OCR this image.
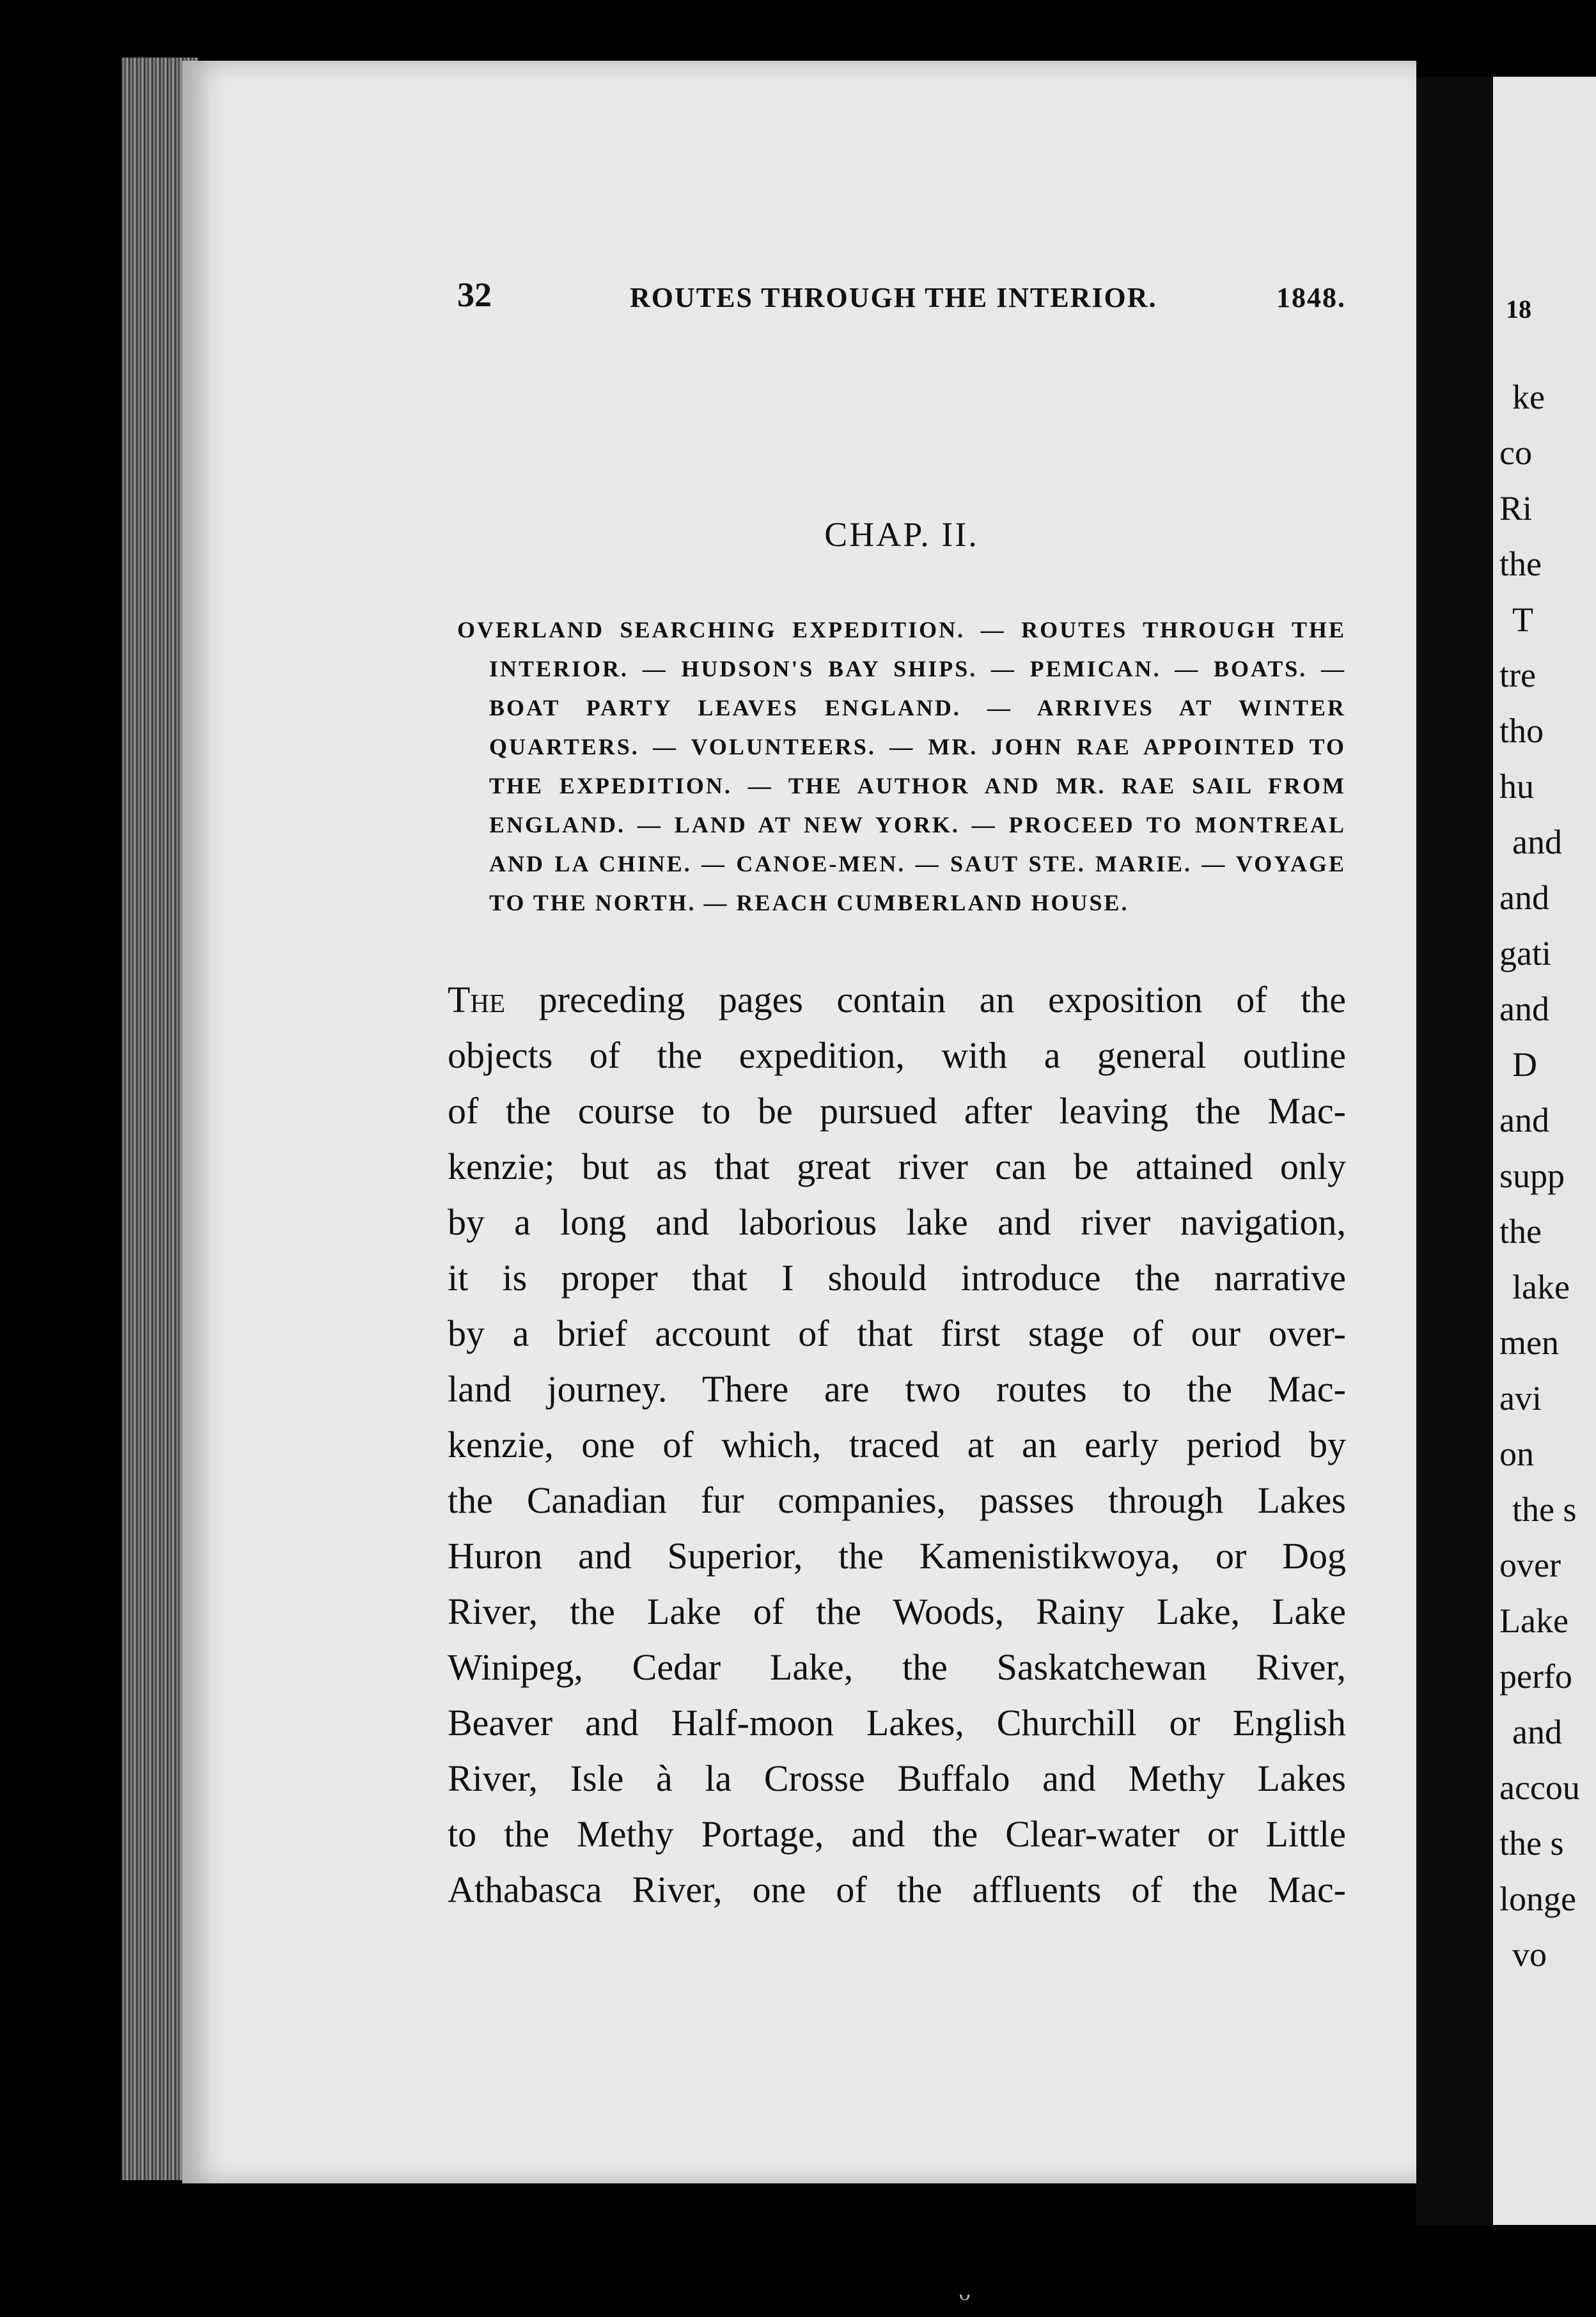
18
ke
co
Ri
the
T
tre
tho
hu
and
and
gati
and
D
and
supp
the
lake
men
avi
on
the s
over
Lake
perfo
and
accou
the s
longe
vo
ᵕ
32	ROUTES THROUGH THE INTERIOR.	1848.
CHAP. II.
OVERLAND SEARCHING EXPEDITION. — ROUTES THROUGH THE
INTERIOR. — HUDSON'S BAY SHIPS. — PEMICAN. — BOATS. —
BOAT PARTY LEAVES ENGLAND. — ARRIVES AT WINTER
QUARTERS. — VOLUNTEERS. — MR. JOHN RAE APPOINTED TO
THE EXPEDITION. — THE AUTHOR AND MR. RAE SAIL FROM
ENGLAND. — LAND AT NEW YORK. — PROCEED TO MONTREAL
AND LA CHINE. — CANOE-MEN. — SAUT STE. MARIE. — VOYAGE
TO THE NORTH. — REACH CUMBERLAND HOUSE.
The preceding pages contain an exposition of the
objects of the expedition, with a general outline
of the course to be pursued after leaving the Mac-
kenzie; but as that great river can be attained only
by a long and laborious lake and river navigation,
it is proper that I should introduce the narrative
by a brief account of that first stage of our over-
land journey. There are two routes to the Mac-
kenzie, one of which, traced at an early period by
the Canadian fur companies, passes through Lakes
Huron and Superior, the Kamenistikwoya, or Dog
River, the Lake of the Woods, Rainy Lake, Lake
Winipeg, Cedar Lake, the Saskatchewan River,
Beaver and Half-moon Lakes, Churchill or English
River, Isle à la Crosse Buffalo and Methy Lakes
to the Methy Portage, and the Clear-water or Little
Athabasca River, one of the affluents of the Mac-
